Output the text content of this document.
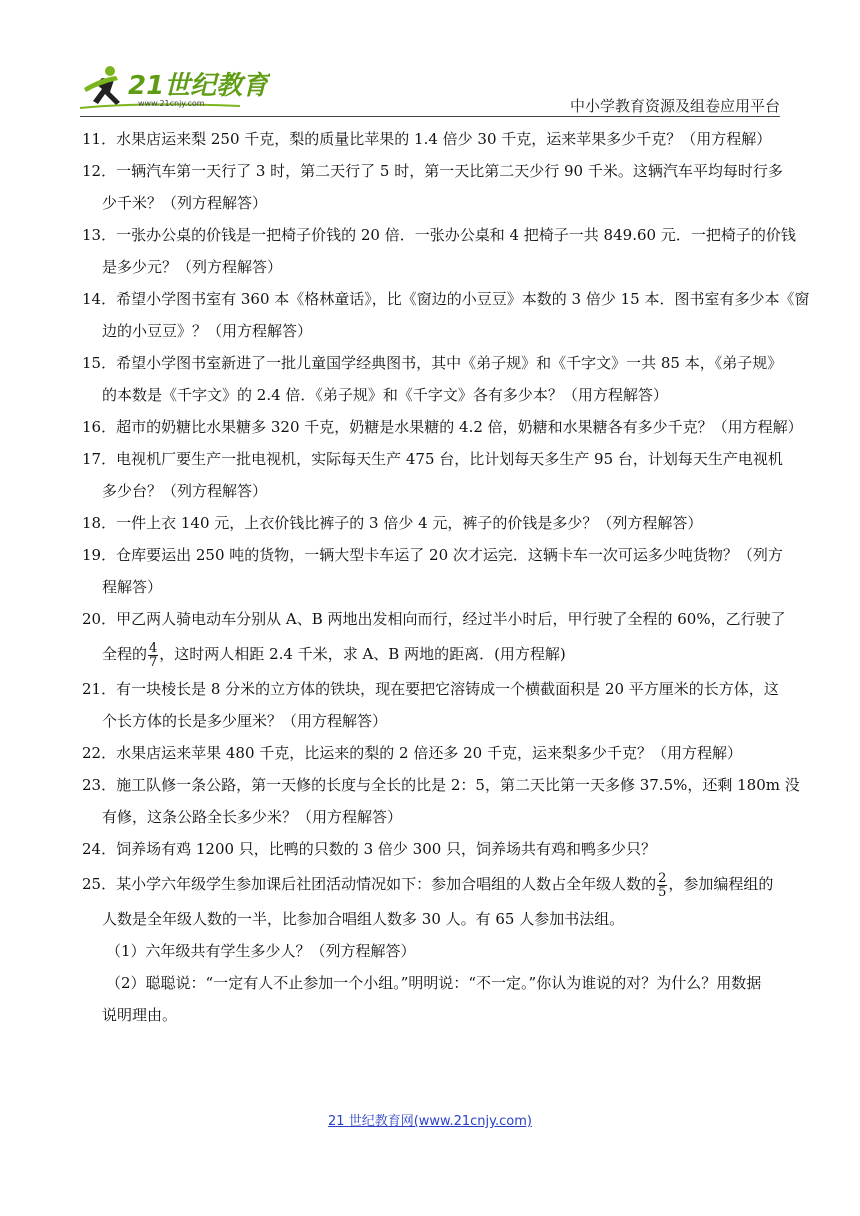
21世纪教育
www.21cnjy.com	中小学教育资源及组卷应用平台
11．水果店运来梨 250 千克，梨的质量比苹果的 1.4 倍少 30 千克，运来苹果多少千克？（用方程解）
12．一辆汽车第一天行了 3 时，第二天行了 5 时，第一天比第二天少行 90 千米。这辆汽车平均每时行多
少千米？（列方程解答）
13．一张办公桌的价钱是一把椅子价钱的 20 倍．一张办公桌和 4 把椅子一共 849.60 元．一把椅子的价钱
是多少元？（列方程解答）
14．希望小学图书室有 360 本《格林童话》，比《窗边的小豆豆》本数的 3 倍少 15 本．图书室有多少本《窗
边的小豆豆》？（用方程解答）
15．希望小学图书室新进了一批儿童国学经典图书，其中《弟子规》和《千字文》一共 85 本，《弟子规》
的本数是《千字文》的 2.4 倍．《弟子规》和《千字文》各有多少本？（用方程解答）
16．超市的奶糖比水果糖多 320 千克，奶糖是水果糖的 4.2 倍，奶糖和水果糖各有多少千克？（用方程解）
17．电视机厂要生产一批电视机，实际每天生产 475 台，比计划每天多生产 95 台，计划每天生产电视机
多少台？（列方程解答）
18．一件上衣 140 元，上衣价钱比裤子的 3 倍少 4 元，裤子的价钱是多少？（列方程解答）
19．仓库要运出 250 吨的货物，一辆大型卡车运了 20 次才运完．这辆卡车一次可运多少吨货物？（列方
程解答）
20．甲乙两人骑电动车分别从 A、B 两地出发相向而行，经过半小时后，甲行驶了全程的 60%，乙行驶了
全程的 $\frac{4}{7}$ ，这时两人相距 2.4 千米，求 A、B 两地的距离．(用方程解)
21．有一块棱长是 8 分米的立方体的铁块，现在要把它溶铸成一个横截面积是 20 平方厘米的长方体，这
个长方体的长是多少厘米？（用方程解答）
22．水果店运来苹果 480 千克，比运来的梨的 2 倍还多 20 千克，运来梨多少千克？（用方程解）
23．施工队修一条公路，第一天修的长度与全长的比是 2：5，第二天比第一天多修 37.5%，还剩 180m 没
有修，这条公路全长多少米？（用方程解答）
24．饲养场有鸡 1200 只，比鸭的只数的 3 倍少 300 只，饲养场共有鸡和鸭多少只？
25．某小学六年级学生参加课后社团活动情况如下：参加合唱组的人数占全年级人数的 $\frac{2}{5}$ ，参加编程组的
人数是全年级人数的一半，比参加合唱组人数多 30 人。有 65 人参加书法组。
（1）六年级共有学生多少人？（列方程解答）
（2）聪聪说：“一定有人不止参加一个小组。”明明说：“不一定。”你认为谁说的对？为什么？用数据
说明理由。
21 世纪教育网(www.21cnjy.com)
